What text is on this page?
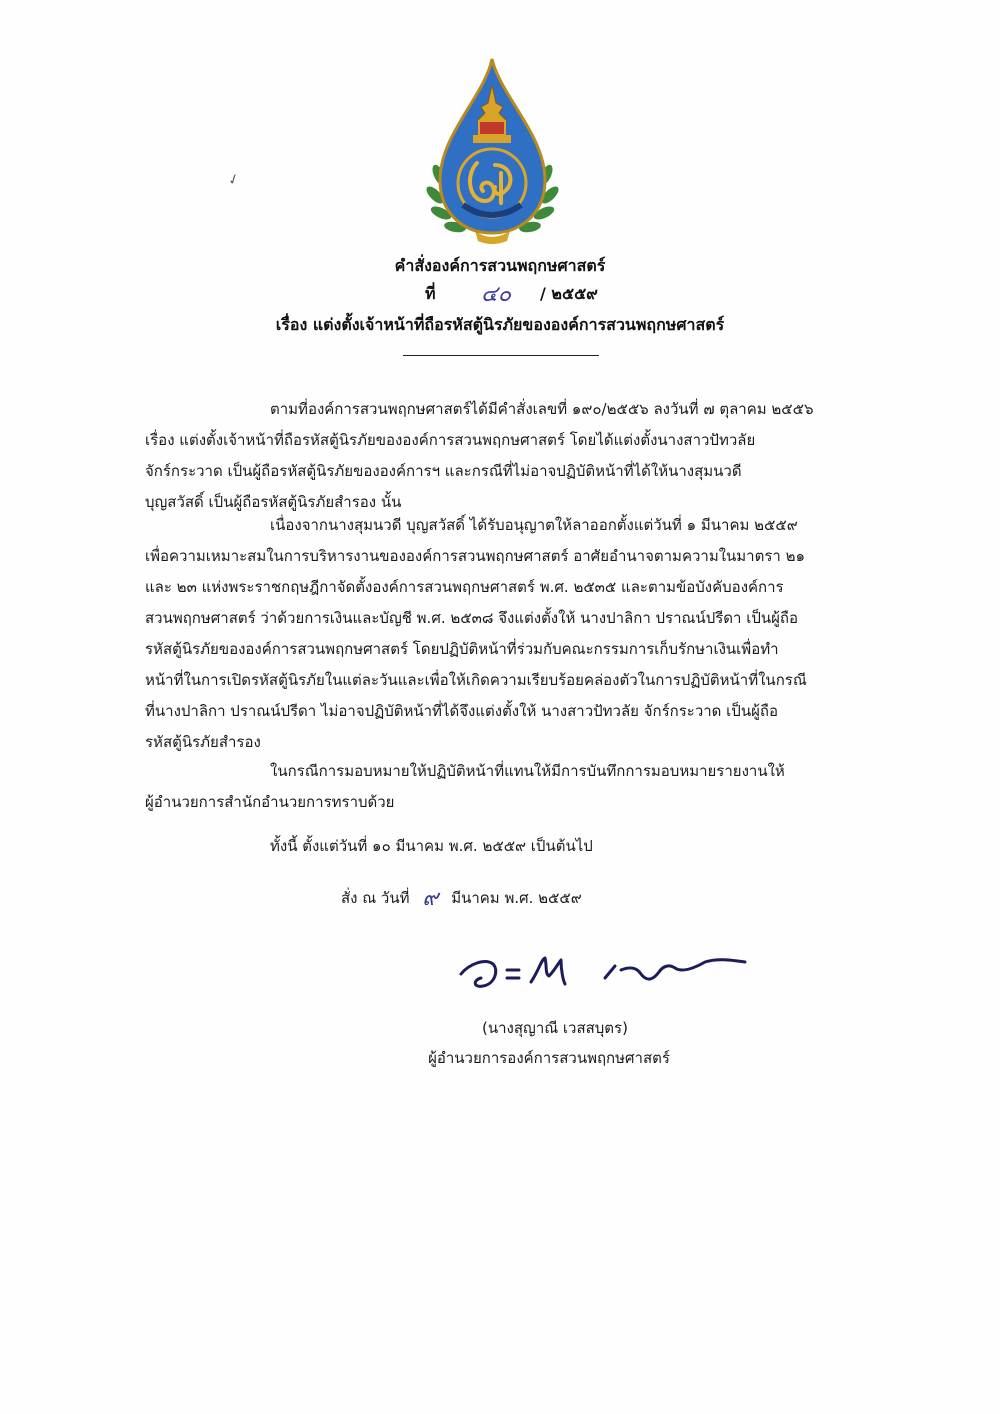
✓
คำสั่งองค์การสวนพฤกษศาสตร์
ที่ ๔๐ / ๒๕๕๙
เรื่อง แต่งตั้งเจ้าหน้าที่ถือรหัสตู้นิรภัยขององค์การสวนพฤกษศาสตร์
ตามที่องค์การสวนพฤกษศาสตร์ได้มีคำสั่งเลขที่ ๑๙๐/๒๕๕๖ ลงวันที่ ๗ ตุลาคม ๒๕๕๖
เรื่อง แต่งตั้งเจ้าหน้าที่ถือรหัสตู้นิรภัยขององค์การสวนพฤกษศาสตร์ โดยได้แต่งตั้งนางสาวปัทวลัย
จักร์กระวาด เป็นผู้ถือรหัสตู้นิรภัยขององค์การฯ และกรณีที่ไม่อาจปฏิบัติหน้าที่ได้ให้นางสุมนวดี
บุญสวัสดิ์ เป็นผู้ถือรหัสตู้นิรภัยสำรอง นั้น
เนื่องจากนางสุมนวดี บุญสวัสดิ์ ได้รับอนุญาตให้ลาออกตั้งแต่วันที่ ๑ มีนาคม ๒๕๕๙
เพื่อความเหมาะสมในการบริหารงานขององค์การสวนพฤกษศาสตร์ อาศัยอำนาจตามความในมาตรา ๒๑
และ ๒๓ แห่งพระราชกฤษฎีกาจัดตั้งองค์การสวนพฤกษศาสตร์ พ.ศ. ๒๕๓๕ และตามข้อบังคับองค์การ
สวนพฤกษศาสตร์ ว่าด้วยการเงินและบัญชี พ.ศ. ๒๕๓๘ จึงแต่งตั้งให้ นางปาลิกา ปราณน์ปรีดา เป็นผู้ถือ
รหัสตู้นิรภัยขององค์การสวนพฤกษศาสตร์ โดยปฏิบัติหน้าที่ร่วมกับคณะกรรมการเก็บรักษาเงินเพื่อทำ
หน้าที่ในการเปิดรหัสตู้นิรภัยในแต่ละวันและเพื่อให้เกิดความเรียบร้อยคล่องตัวในการปฏิบัติหน้าที่ในกรณี
ที่นางปาลิกา ปราณน์ปรีดา ไม่อาจปฏิบัติหน้าที่ได้จึงแต่งตั้งให้ นางสาวปัทวลัย จักร์กระวาด เป็นผู้ถือ
รหัสตู้นิรภัยสำรอง
ในกรณีการมอบหมายให้ปฏิบัติหน้าที่แทนให้มีการบันทึกการมอบหมายรายงานให้
ผู้อำนวยการสำนักอำนวยการทราบด้วย
ทั้งนี้ ตั้งแต่วันที่ ๑๐ มีนาคม พ.ศ. ๒๕๕๙ เป็นต้นไป
สั่ง ณ วันที่ ๙ มีนาคม พ.ศ. ๒๕๕๙
(นางสุญาณี เวสสบุตร)
ผู้อำนวยการองค์การสวนพฤกษศาสตร์
